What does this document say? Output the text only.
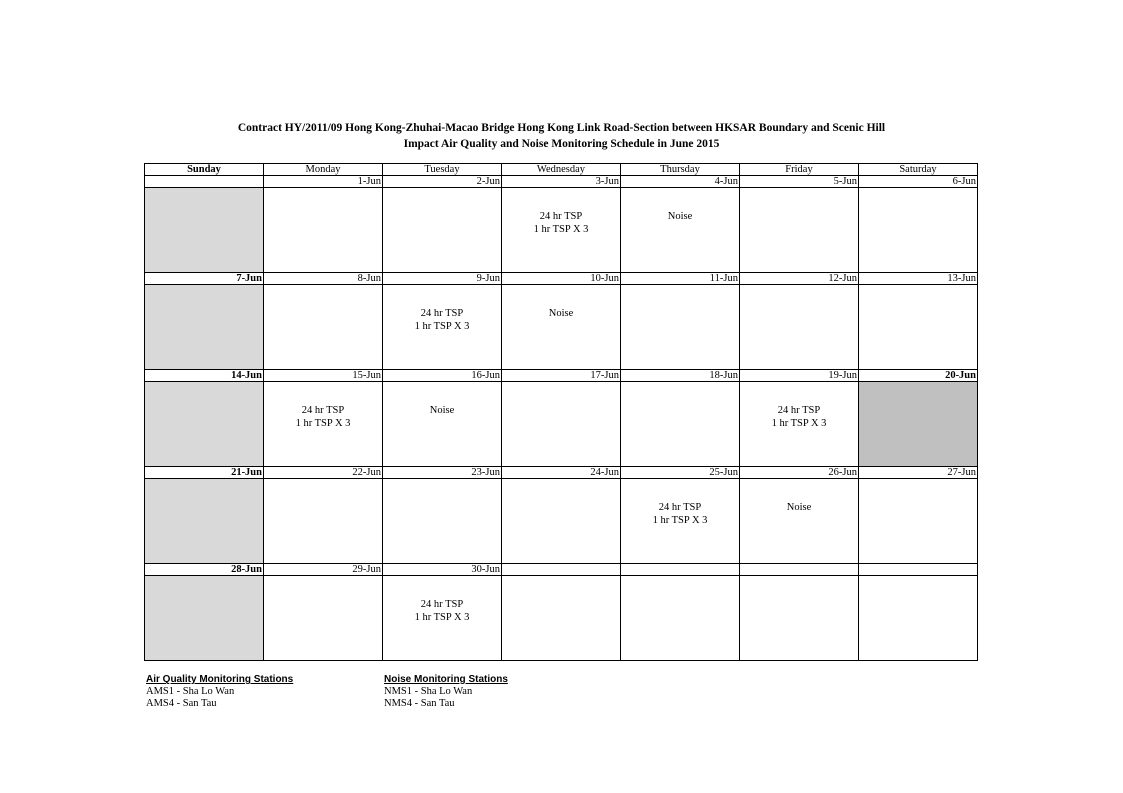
Contract HY/2011/09 Hong Kong-Zhuhai-Macao Bridge Hong Kong Link Road-Section between HKSAR Boundary and Scenic Hill
Impact Air Quality and Noise Monitoring Schedule in June 2015
Sunday	Monday	Tuesday	Wednesday	Thursday	Friday	Saturday
	1-Jun	2-Jun	3-Jun	4-Jun	5-Jun	6-Jun

			24 hr TSP
1 hr TSP X 3	Noise		

7-Jun	8-Jun	9-Jun	10-Jun	11-Jun	12-Jun	13-Jun

		24 hr TSP
1 hr TSP X 3	Noise			

14-Jun	15-Jun	16-Jun	17-Jun	18-Jun	19-Jun	20-Jun

	24 hr TSP
1 hr TSP X 3	Noise			24 hr TSP
1 hr TSP X 3	

21-Jun	22-Jun	23-Jun	24-Jun	25-Jun	26-Jun	27-Jun

				24 hr TSP
1 hr TSP X 3	Noise	

28-Jun	29-Jun	30-Jun				

		24 hr TSP
1 hr TSP X 3				

Air Quality Monitoring Stations
AMS1 - Sha Lo Wan
AMS4 - San Tau
Noise Monitoring Stations
NMS1 - Sha Lo Wan
NMS4 - San Tau
